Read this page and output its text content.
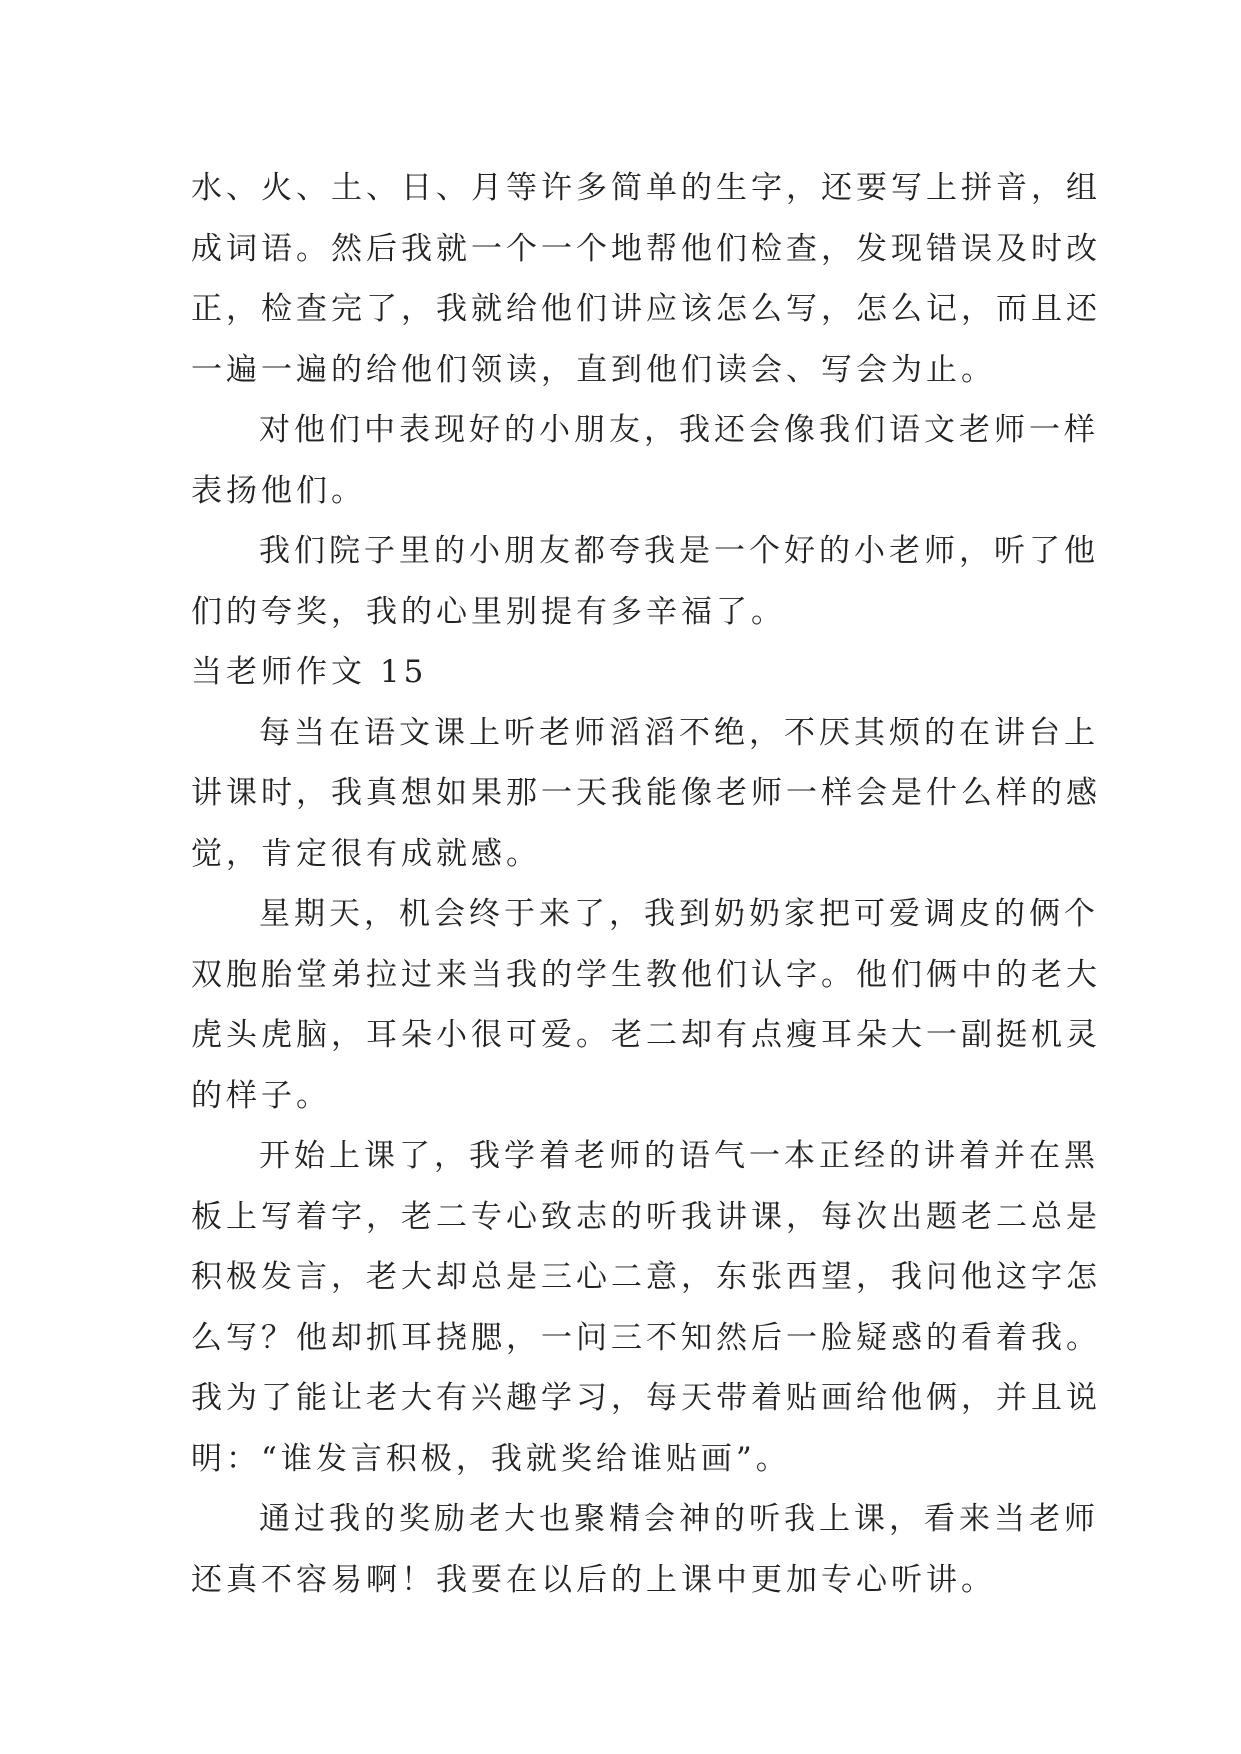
水、火、土、日、月等许多简单的生字，还要写上拼音，组
成词语。然后我就一个一个地帮他们检查，发现错误及时改
正，检查完了，我就给他们讲应该怎么写，怎么记，而且还
一遍一遍的给他们领读，直到他们读会、写会为止。
对他们中表现好的小朋友，我还会像我们语文老师一样
表扬他们。
我们院子里的小朋友都夸我是一个好的小老师，听了他
们的夸奖，我的心里别提有多辛福了。
当老师作文 15
每当在语文课上听老师滔滔不绝，不厌其烦的在讲台上
讲课时，我真想如果那一天我能像老师一样会是什么样的感
觉，肯定很有成就感。
星期天，机会终于来了，我到奶奶家把可爱调皮的俩个
双胞胎堂弟拉过来当我的学生教他们认字。他们俩中的老大
虎头虎脑，耳朵小很可爱。老二却有点瘦耳朵大一副挺机灵
的样子。
开始上课了，我学着老师的语气一本正经的讲着并在黑
板上写着字，老二专心致志的听我讲课，每次出题老二总是
积极发言，老大却总是三心二意，东张西望，我问他这字怎
么写？他却抓耳挠腮，一问三不知然后一脸疑惑的看着我。
我为了能让老大有兴趣学习，每天带着贴画给他俩，并且说
明：“谁发言积极，我就奖给谁贴画”。
通过我的奖励老大也聚精会神的听我上课，看来当老师
还真不容易啊！我要在以后的上课中更加专心听讲。
